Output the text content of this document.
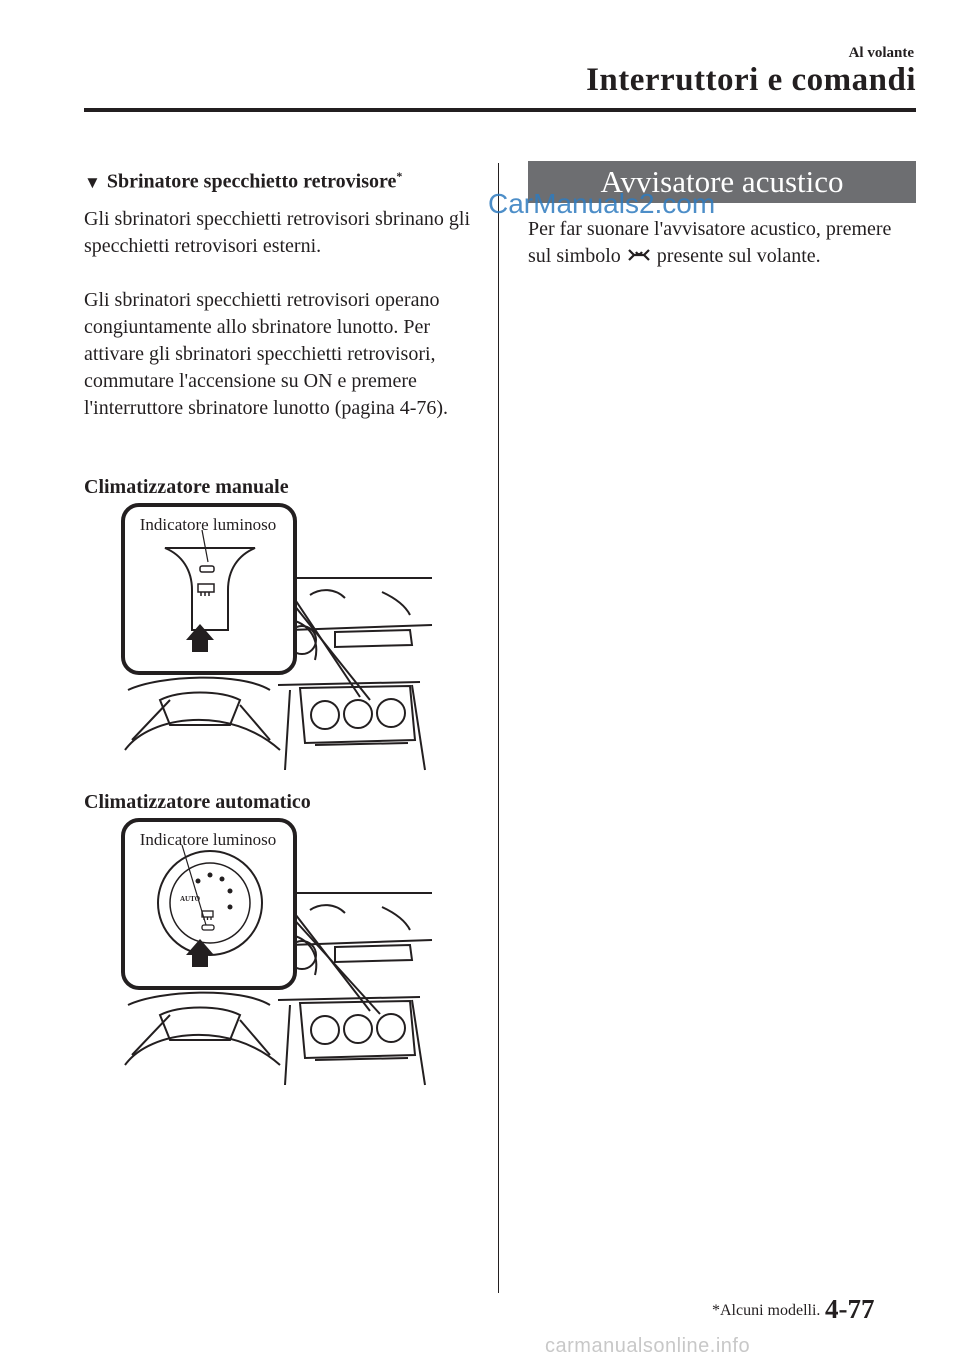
Al volante
Interruttori e comandi
▼ Sbrinatore specchietto retrovisore*
Gli sbrinatori specchietti retrovisori sbrinano gli specchietti retrovisori esterni.
Gli sbrinatori specchietti retrovisori operano congiuntamente allo sbrinatore lunotto. Per attivare gli sbrinatori specchietti retrovisori, commutare l'accensione su ON e premere l'interruttore sbrinatore lunotto (pagina 4-76).
Climatizzatore manuale
Indicatore luminoso
Climatizzatore automatico
AUTO
Indicatore luminoso
Avvisatore acustico
Per far suonare l'avvisatore acustico, premere sul simbolo  presente sul volante.
CarManuals2.com
*Alcuni modelli. 4-77
carmanualsonline.info
